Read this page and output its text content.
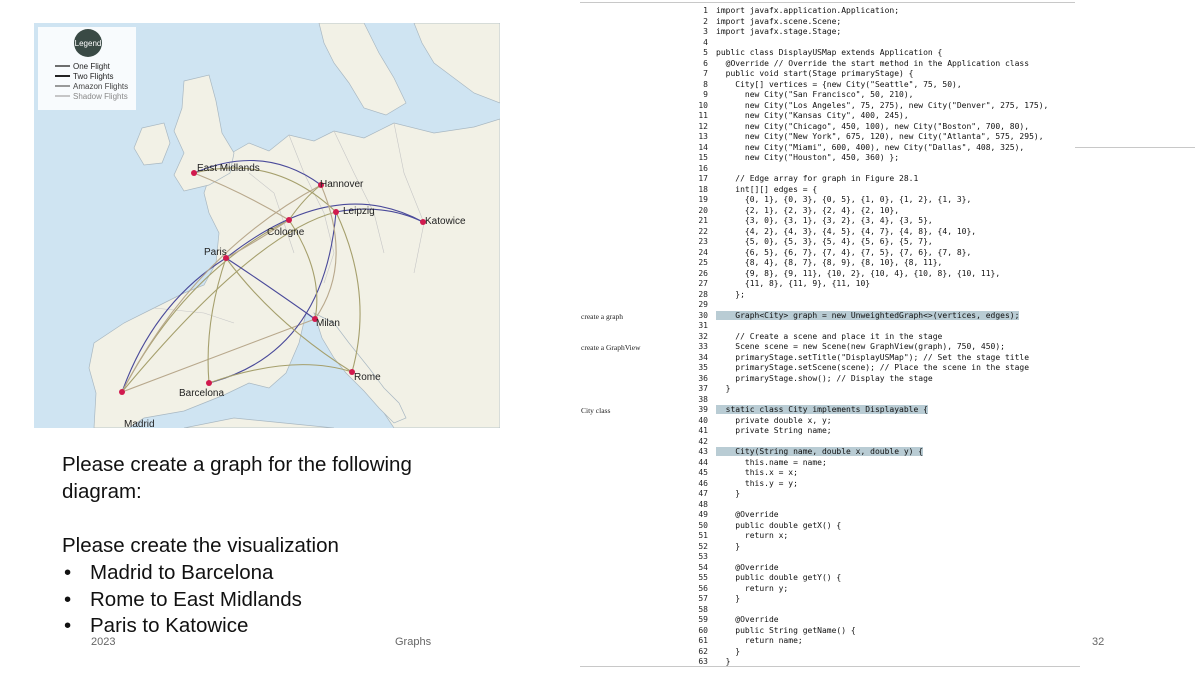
East Midlands
Hannover
Leipzig
Cologne
Katowice
Paris
Milan
Rome
Madrid
Barcelona
Legend
One Flight
Two Flights
Amazon Flights
Shadow Flights

Please create a graph for the following

diagram:

Please create the visualization

• Madrid to Barcelona
• Rome to East Midlands
• Paris to Katowice
2023	Graphs	32
create a graph
create a GraphView
City class
1 import javafx.application.Application;
2 import javafx.scene.Scene;
3 import javafx.stage.Stage;
4
5 public class DisplayUSMap extends Application {
6  @Override // Override the start method in the Application class
7  public void start(Stage primaryStage) {
8    City[] vertices = {new City("Seattle", 75, 50),
9      new City("San Francisco", 50, 210),
10      new City("Los Angeles", 75, 275), new City("Denver", 275, 175),
11      new City("Kansas City", 400, 245),
12      new City("Chicago", 450, 100), new City("Boston", 700, 80),
13      new City("New York", 675, 120), new City("Atlanta", 575, 295),
14      new City("Miami", 600, 400), new City("Dallas", 408, 325),
15      new City("Houston", 450, 360) };
16
17    // Edge array for graph in Figure 28.1
18    int[][] edges = {
19      {0, 1}, {0, 3}, {0, 5}, {1, 0}, {1, 2}, {1, 3},
20      {2, 1}, {2, 3}, {2, 4}, {2, 10},
21      {3, 0}, {3, 1}, {3, 2}, {3, 4}, {3, 5},
22      {4, 2}, {4, 3}, {4, 5}, {4, 7}, {4, 8}, {4, 10},
23      {5, 0}, {5, 3}, {5, 4}, {5, 6}, {5, 7},
24      {6, 5}, {6, 7}, {7, 4}, {7, 5}, {7, 6}, {7, 8},
25      {8, 4}, {8, 7}, {8, 9}, {8, 10}, {8, 11},
26      {9, 8}, {9, 11}, {10, 2}, {10, 4}, {10, 8}, {10, 11},
27      {11, 8}, {11, 9}, {11, 10}
28    };
29
30    Graph<City> graph = new UnweightedGraph<>(vertices, edges);
31
32    // Create a scene and place it in the stage
33    Scene scene = new Scene(new GraphView(graph), 750, 450);
34    primaryStage.setTitle("DisplayUSMap"); // Set the stage title
35    primaryStage.setScene(scene); // Place the scene in the stage
36    primaryStage.show(); // Display the stage
37  }
38
39  static class City implements Displayable {
40    private double x, y;
41    private String name;
42
43    City(String name, double x, double y) {
44      this.name = name;
45      this.x = x;
46      this.y = y;
47    }
48
49    @Override
50    public double getX() {
51      return x;
52    }
53
54    @Override
55    public double getY() {
56      return y;
57    }
58
59    @Override
60    public String getName() {
61      return name;
62    }
63  }
